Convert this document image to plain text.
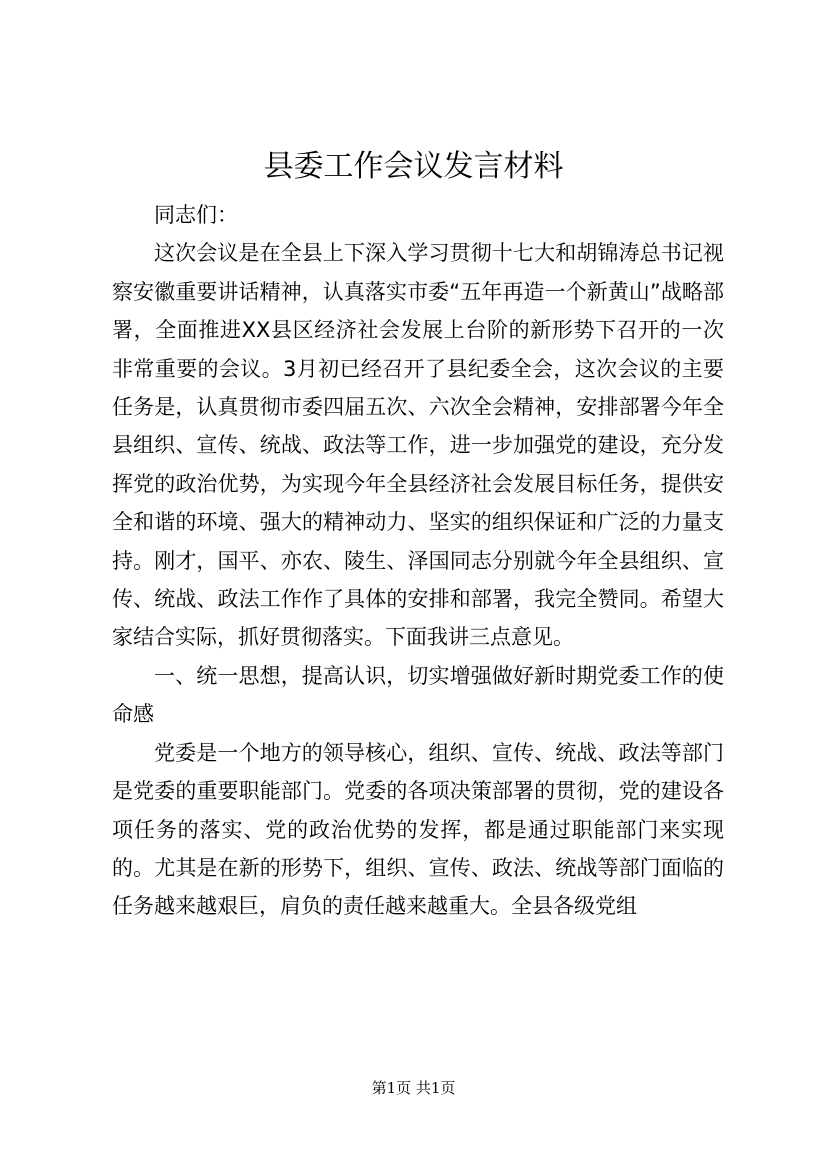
县委工作会议发言材料

同志们：

这次会议是在全县上下深入学习贯彻十七大和胡锦涛总书记视察安徽重要讲话精神，认真落实市委“五年再造一个新黄山”战略部署，全面推进XX县区经济社会发展上台阶的新形势下召开的一次非常重要的会议。3月初已经召开了县纪委全会，这次会议的主要任务是，认真贯彻市委四届五次、六次全会精神，安排部署今年全县组织、宣传、统战、政法等工作，进一步加强党的建设，充分发挥党的政治优势，为实现今年全县经济社会发展目标任务，提供安全和谐的环境、强大的精神动力、坚实的组织保证和广泛的力量支持。刚才，国平、亦农、陵生、泽国同志分别就今年全县组织、宣传、统战、政法工作作了具体的安排和部署，我完全赞同。希望大家结合实际，抓好贯彻落实。下面我讲三点意见。

一、统一思想，提高认识，切实增强做好新时期党委工作的使命感

党委是一个地方的领导核心，组织、宣传、统战、政法等部门是党委的重要职能部门。党委的各项决策部署的贯彻，党的建设各项任务的落实、党的政治优势的发挥，都是通过职能部门来实现的。尤其是在新的形势下，组织、宣传、政法、统战等部门面临的任务越来越艰巨，肩负的责任越来越重大。全县各级党组

第1页 共1页
